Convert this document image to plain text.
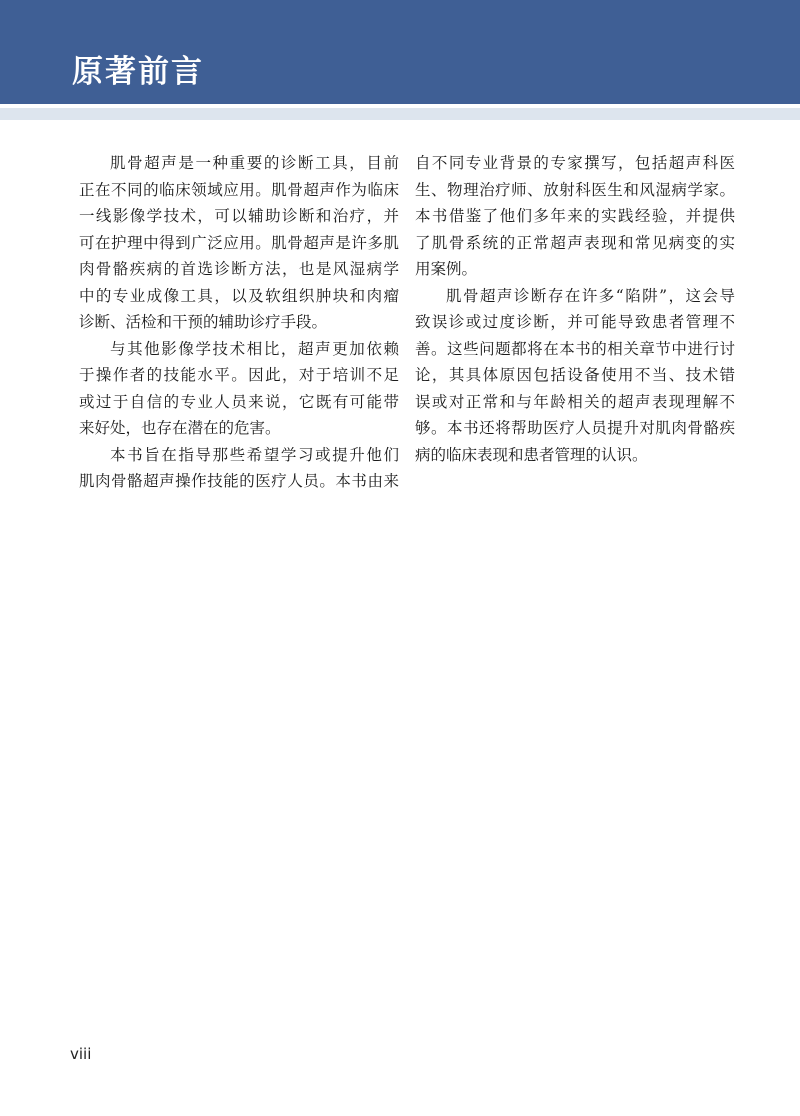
原著前言
肌骨超声是一种重要的诊断工具，目前
正在不同的临床领域应用。肌骨超声作为临床
一线影像学技术，可以辅助诊断和治疗，并
可在护理中得到广泛应用。肌骨超声是许多肌
肉骨骼疾病的首选诊断方法，也是风湿病学
中的专业成像工具，以及软组织肿块和肉瘤
诊断、活检和干预的辅助诊疗手段。
与其他影像学技术相比，超声更加依赖
于操作者的技能水平。因此，对于培训不足
或过于自信的专业人员来说，它既有可能带
来好处，也存在潜在的危害。
本书旨在指导那些希望学习或提升他们
肌肉骨骼超声操作技能的医疗人员。本书由来
自不同专业背景的专家撰写，包括超声科医
生、物理治疗师、放射科医生和风湿病学家。
本书借鉴了他们多年来的实践经验，并提供
了肌骨系统的正常超声表现和常见病变的实
用案例。
肌骨超声诊断存在许多“陷阱”，这会导
致误诊或过度诊断，并可能导致患者管理不
善。这些问题都将在本书的相关章节中进行讨
论，其具体原因包括设备使用不当、技术错
误或对正常和与年龄相关的超声表现理解不
够。本书还将帮助医疗人员提升对肌肉骨骼疾
病的临床表现和患者管理的认识。
viii
